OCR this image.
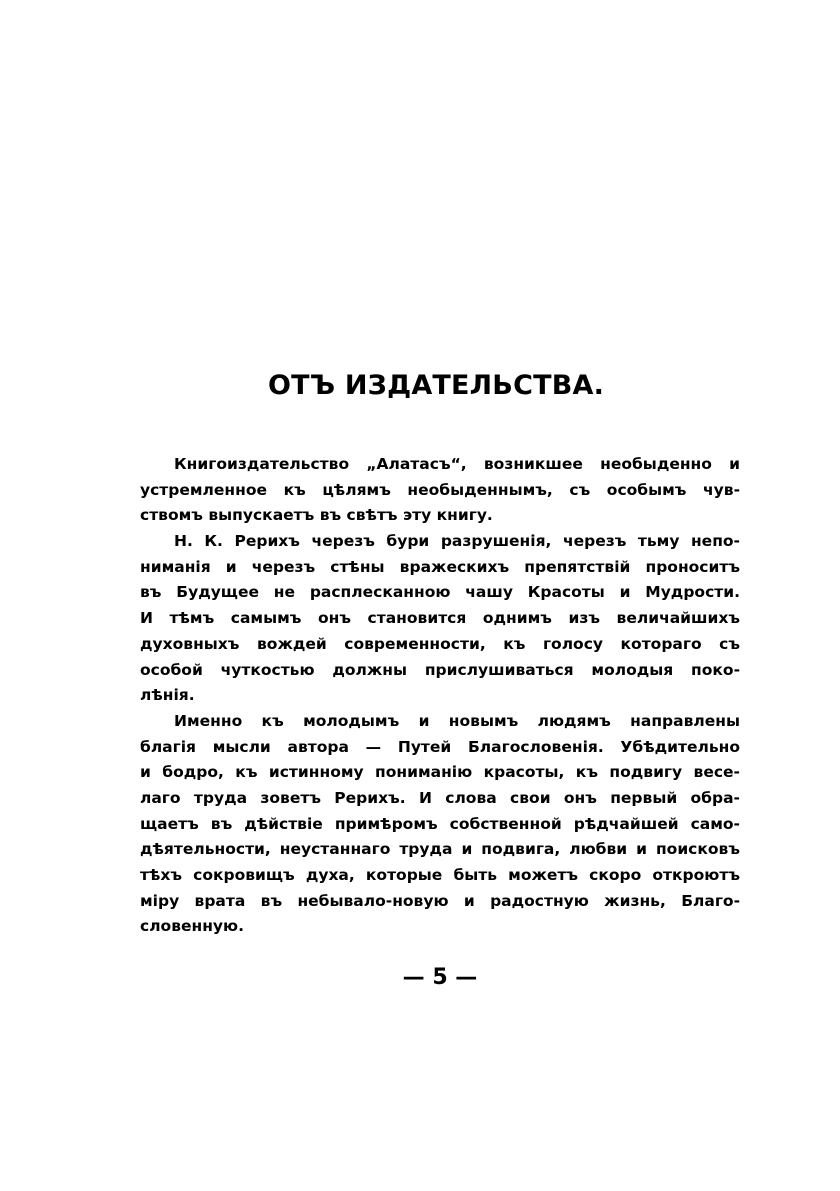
ОТЪ ИЗДАТЕЛЬСТВА.
Книгоиздательство „Алатасъ“, возникшее необыденно и
устремленное къ цѣлямъ необыденнымъ, съ особымъ чув-
ствомъ выпускаетъ въ свѣтъ эту книгу.
Н. К. Рерихъ черезъ бури разрушенія, черезъ тьму непо-
ниманія и черезъ стѣны вражескихъ препятствій проноситъ
въ Будущее не расплесканною чашу Красоты и Мудрости.
И тѣмъ самымъ онъ становится однимъ изъ величайшихъ
духовныхъ вождей современности, къ голосу котораго съ
особой чуткостью должны прислушиваться молодыя поко-
лѣнія.
Именно къ молодымъ и новымъ людямъ направлены
благія мысли автора — Путей Благословенія. Убѣдительно
и бодро, къ истинному пониманію красоты, къ подвигу весе-
лаго труда зоветъ Рерихъ. И слова свои онъ первый обра-
щаетъ въ дѣйствіе примѣромъ собственной рѣдчайшей само-
дѣятельности, неустаннаго труда и подвига, любви и поисковъ
тѣхъ сокровищъ духа, которые быть можетъ скоро откроютъ
міру врата въ небывало-новую и радостную жизнь, Благо-
словенную.
— 5 —
